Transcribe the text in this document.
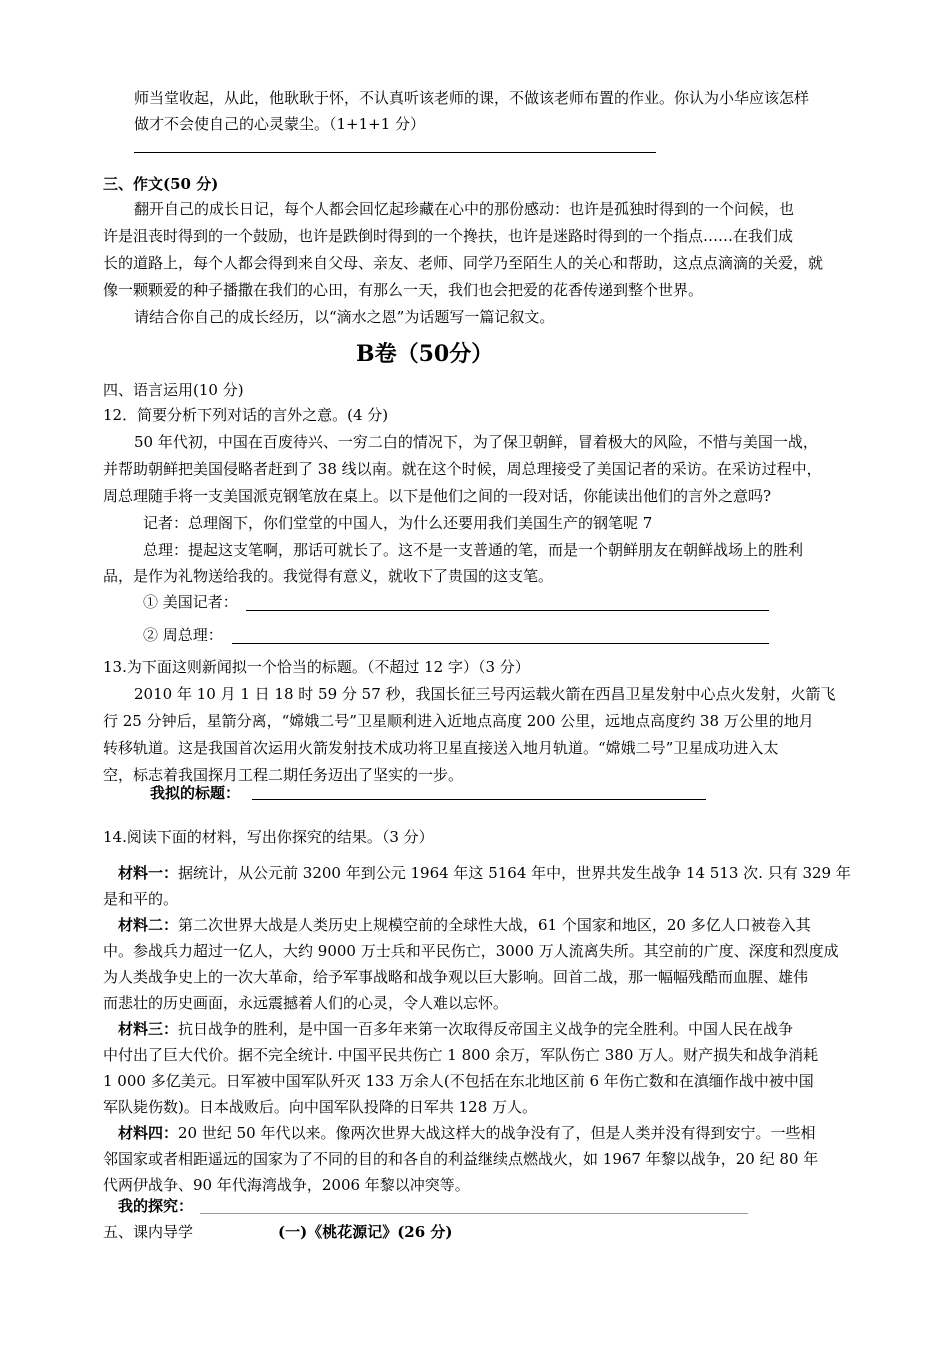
师当堂收起，从此，他耿耿于怀，不认真听该老师的课，不做该老师布置的作业。你认为小华应该怎样
做才不会使自己的心灵蒙尘。（1+1+1 分）
三、作文(50 分)
翻开自己的成长日记，每个人都会回忆起珍藏在心中的那份感动：也许是孤独时得到的一个问候，也
许是沮丧时得到的一个鼓励，也许是跌倒时得到的一个搀扶，也许是迷路时得到的一个指点……在我们成
长的道路上，每个人都会得到来自父母、亲友、老师、同学乃至陌生人的关心和帮助，这点点滴滴的关爱，就
像一颗颗爱的种子播撒在我们的心田，有那么一天，我们也会把爱的花香传递到整个世界。
请结合你自己的成长经历，以“滴水之恩”为话题写一篇记叙文。
B卷（50分）
四、语言运用(10 分)
12．简要分析下列对话的言外之意。(4 分)
50 年代初，中国在百废待兴、一穷二白的情况下，为了保卫朝鲜，冒着极大的风险，不惜与美国一战，
并帮助朝鲜把美国侵略者赶到了 38 线以南。就在这个时候，周总理接受了美国记者的采访。在采访过程中，
周总理随手将一支美国派克钢笔放在桌上。以下是他们之间的一段对话，你能读出他们的言外之意吗?
记者：总理阁下，你们堂堂的中国人，为什么还要用我们美国生产的钢笔呢 7
总理：提起这支笔啊，那话可就长了。这不是一支普通的笔，而是一个朝鲜朋友在朝鲜战场上的胜利
品，是作为礼物送给我的。我觉得有意义，就收下了贵国的这支笔。
① 美国记者：
② 周总理：
13.为下面这则新闻拟一个恰当的标题。（不超过 12 字）（3 分）
2010 年 10 月 1 日 18 时 59 分 57 秒，我国长征三号丙运载火箭在西昌卫星发射中心点火发射，火箭飞
行 25 分钟后，星箭分离，“嫦娥二号”卫星顺利进入近地点高度 200 公里，远地点高度约 38 万公里的地月
转移轨道。这是我国首次运用火箭发射技术成功将卫星直接送入地月轨道。“嫦娥二号”卫星成功进入太
空，标志着我国探月工程二期任务迈出了坚实的一步。
我拟的标题：
14.阅读下面的材料，写出你探究的结果。（3 分）
材料一：据统计，从公元前 3200 年到公元 1964 年这 5164 年中，世界共发生战争 14 513 次. 只有 329 年
是和平的。
材料二：第二次世界大战是人类历史上规模空前的全球性大战，61 个国家和地区，20 多亿人口被卷入其
中。参战兵力超过一亿人，大约 9000 万士兵和平民伤亡，3000 万人流离失所。其空前的广度、深度和烈度成
为人类战争史上的一次大革命，给予军事战略和战争观以巨大影响。回首二战，那一幅幅残酷而血腥、雄伟
而悲壮的历史画面，永远震撼着人们的心灵，令人难以忘怀。
材料三：抗日战争的胜利，是中国一百多年来第一次取得反帝国主义战争的完全胜利。中国人民在战争
中付出了巨大代价。据不完全统计. 中国平民共伤亡 1 800 余万，军队伤亡 380 万人。财产损失和战争消耗
1 000 多亿美元。日军被中国军队歼灭 133 万余人(不包括在东北地区前 6 年伤亡数和在滇缅作战中被中国
军队毙伤数)。日本战败后。向中国军队投降的日军共 128 万人。
材料四：20 世纪 50 年代以来。像两次世界大战这样大的战争没有了，但是人类并没有得到安宁。一些相
邻国家或者相距遥远的国家为了不同的目的和各自的利益继续点燃战火，如 1967 年黎以战争，20 纪 80 年
代两伊战争、90 年代海湾战争，2006 年黎以冲突等。
我的探究：
五、课内导学	(一)《桃花源记》(26 分)
